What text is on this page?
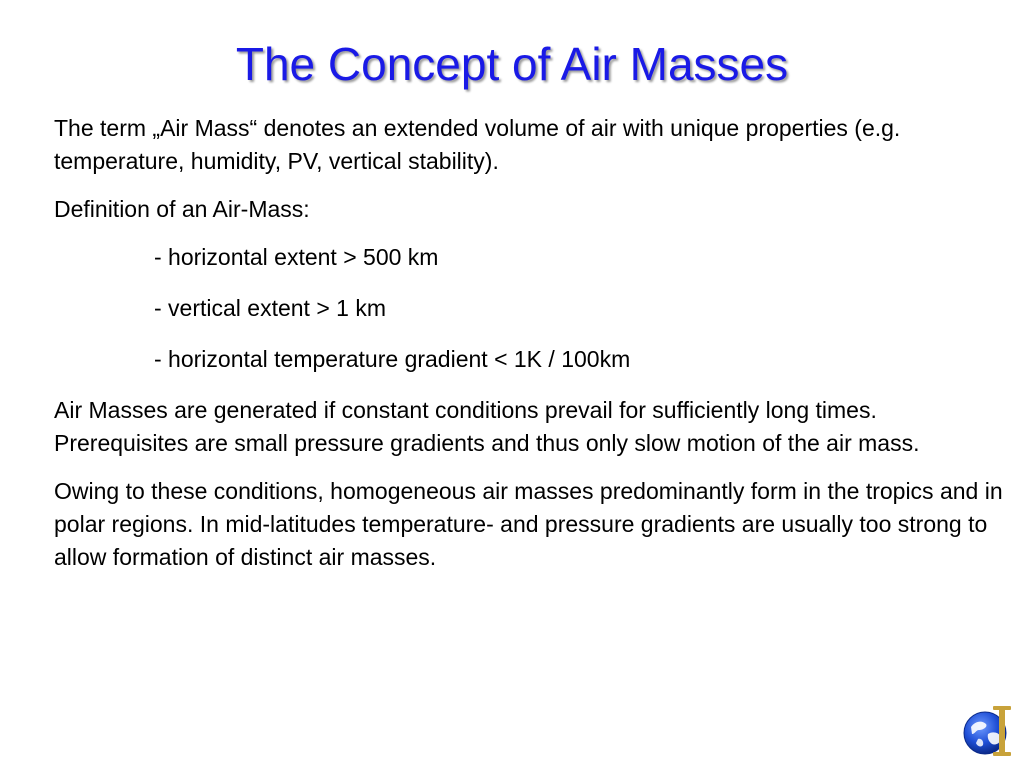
The Concept of Air Masses

The term „Air Mass“ denotes an extended volume of air with unique properties (e.g. temperature, humidity, PV, vertical stability).

Definition of an Air-Mass:

- horizontal extent > 500 km

- vertical extent > 1 km

- horizontal temperature gradient < 1K / 100km

Air Masses are generated if constant conditions prevail for sufficiently long times. Prerequisites are small pressure gradients and thus only slow motion of the air mass.

Owing to these conditions, homogeneous air masses predominantly form in the tropics and in polar regions. In mid-latitudes temperature- and pressure gradients are usually too strong to allow formation of distinct air masses.
